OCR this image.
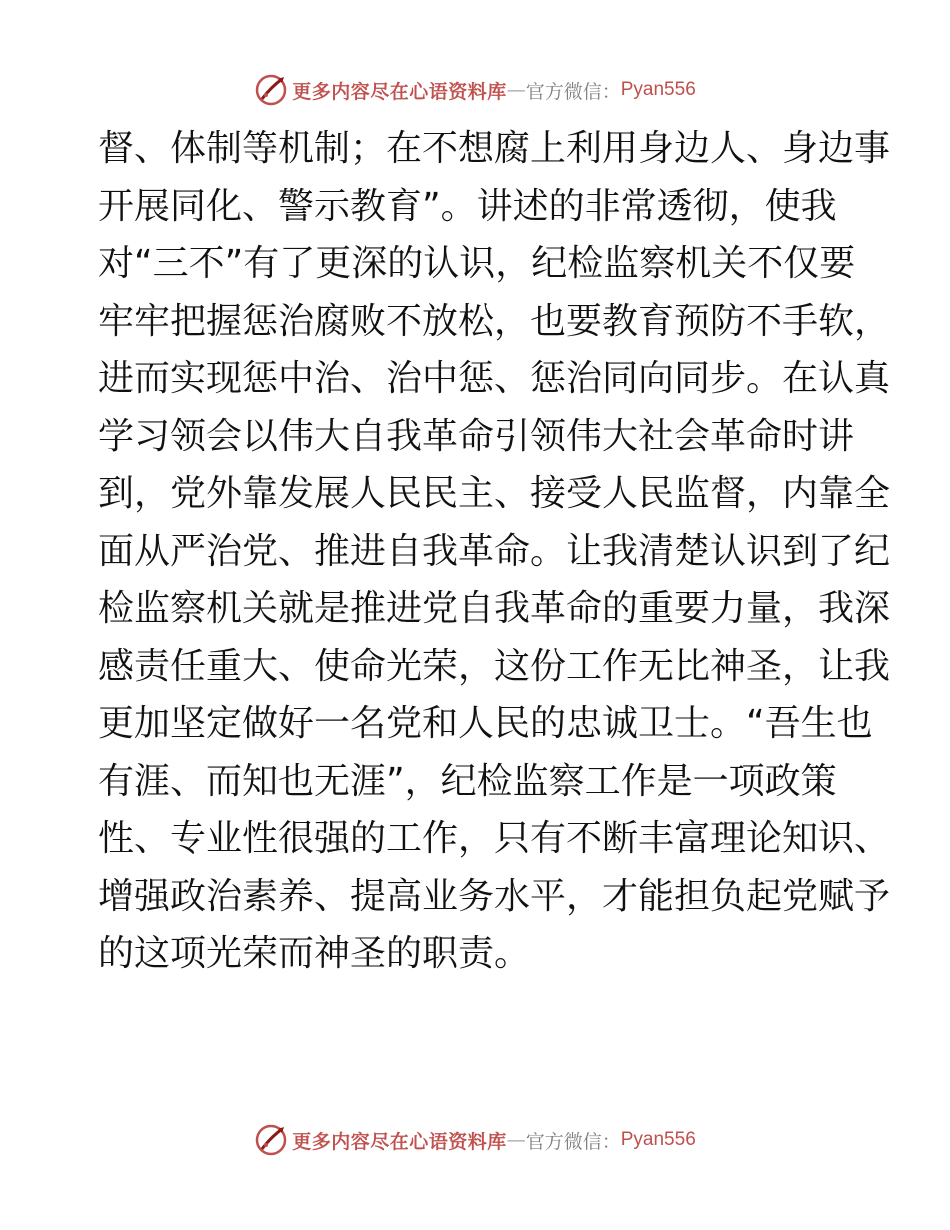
更多内容尽在心语资料库 — 官方微信： Pyan556
督、体制等机制；在不想腐上利用身边人、身边事
开展同化、警示教育”。讲述的非常透彻，使我
对“三不”有了更深的认识，纪检监察机关不仅要
牢牢把握惩治腐败不放松，也要教育预防不手软，
进而实现惩中治、治中惩、惩治同向同步。在认真
学习领会以伟大自我革命引领伟大社会革命时讲
到，党外靠发展人民民主、接受人民监督，内靠全
面从严治党、推进自我革命。让我清楚认识到了纪
检监察机关就是推进党自我革命的重要力量，我深
感责任重大、使命光荣，这份工作无比神圣，让我
更加坚定做好一名党和人民的忠诚卫士。“吾生也
有涯、而知也无涯”，纪检监察工作是一项政策
性、专业性很强的工作，只有不断丰富理论知识、
增强政治素养、提高业务水平，才能担负起党赋予
的这项光荣而神圣的职责。
更多内容尽在心语资料库 — 官方微信： Pyan556
